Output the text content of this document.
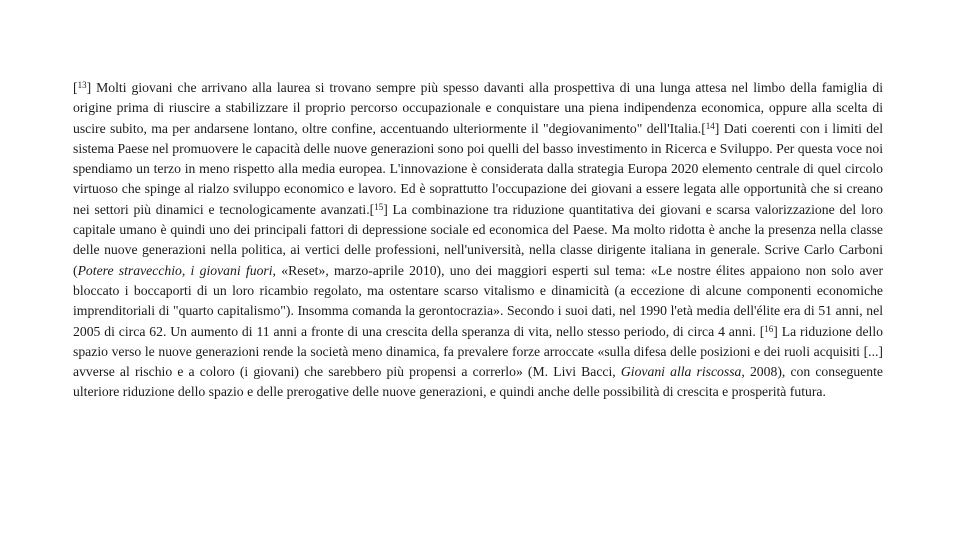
[$^{13}$] Molti giovani che arrivano alla laurea si trovano sempre più spesso davanti alla prospettiva di una lunga attesa nel limbo della famiglia di origine prima di riuscire a stabilizzare il proprio percorso occupazionale e conquistare una piena indipendenza economica, oppure alla scelta di uscire subito, ma per andarsene lontano, oltre confine, accentuando ulteriormente il "degiovanimento" dell'Italia.[$^{14}$] Dati coerenti con i limiti del sistema Paese nel promuovere le capacità delle nuove generazioni sono poi quelli del basso investimento in Ricerca e Sviluppo. Per questa voce noi spendiamo un terzo in meno rispetto alla media europea. L'innovazione è considerata dalla strategia Europa 2020 elemento centrale di quel circolo virtuoso che spinge al rialzo sviluppo economico e lavoro. Ed è soprattutto l'occupazione dei giovani a essere legata alle opportunità che si creano nei settori più dinamici e tecnologicamente avanzati.[$^{15}$] La combinazione tra riduzione quantitativa dei giovani e scarsa valorizzazione del loro capitale umano è quindi uno dei principali fattori di depressione sociale ed economica del Paese. Ma molto ridotta è anche la presenza nella classe delle nuove generazioni nella politica, ai vertici delle professioni, nell'università, nella classe dirigente italiana in generale. Scrive Carlo Carboni (Potere stravecchio, i giovani fuori, «Reset», marzo-aprile 2010), uno dei maggiori esperti sul tema: «Le nostre élites appaiono non solo aver bloccato i boccaporti di un loro ricambio regolato, ma ostentare scarso vitalismo e dinamicità (a eccezione di alcune componenti economiche imprenditoriali di "quarto capitalismo"). Insomma comanda la gerontocrazia». Secondo i suoi dati, nel 1990 l'età media dell'élite era di 51 anni, nel 2005 di circa 62. Un aumento di 11 anni a fronte di una crescita della speranza di vita, nello stesso periodo, di circa 4 anni. [$^{16}$] La riduzione dello spazio verso le nuove generazioni rende la società meno dinamica, fa prevalere forze arroccate «sulla difesa delle posizioni e dei ruoli acquisiti [...] avverse al rischio e a coloro (i giovani) che sarebbero più propensi a correrlo» (M. Livi Bacci, Giovani alla riscossa, 2008), con conseguente ulteriore riduzione dello spazio e delle prerogative delle nuove generazioni, e quindi anche delle possibilità di crescita e prosperità futura.
